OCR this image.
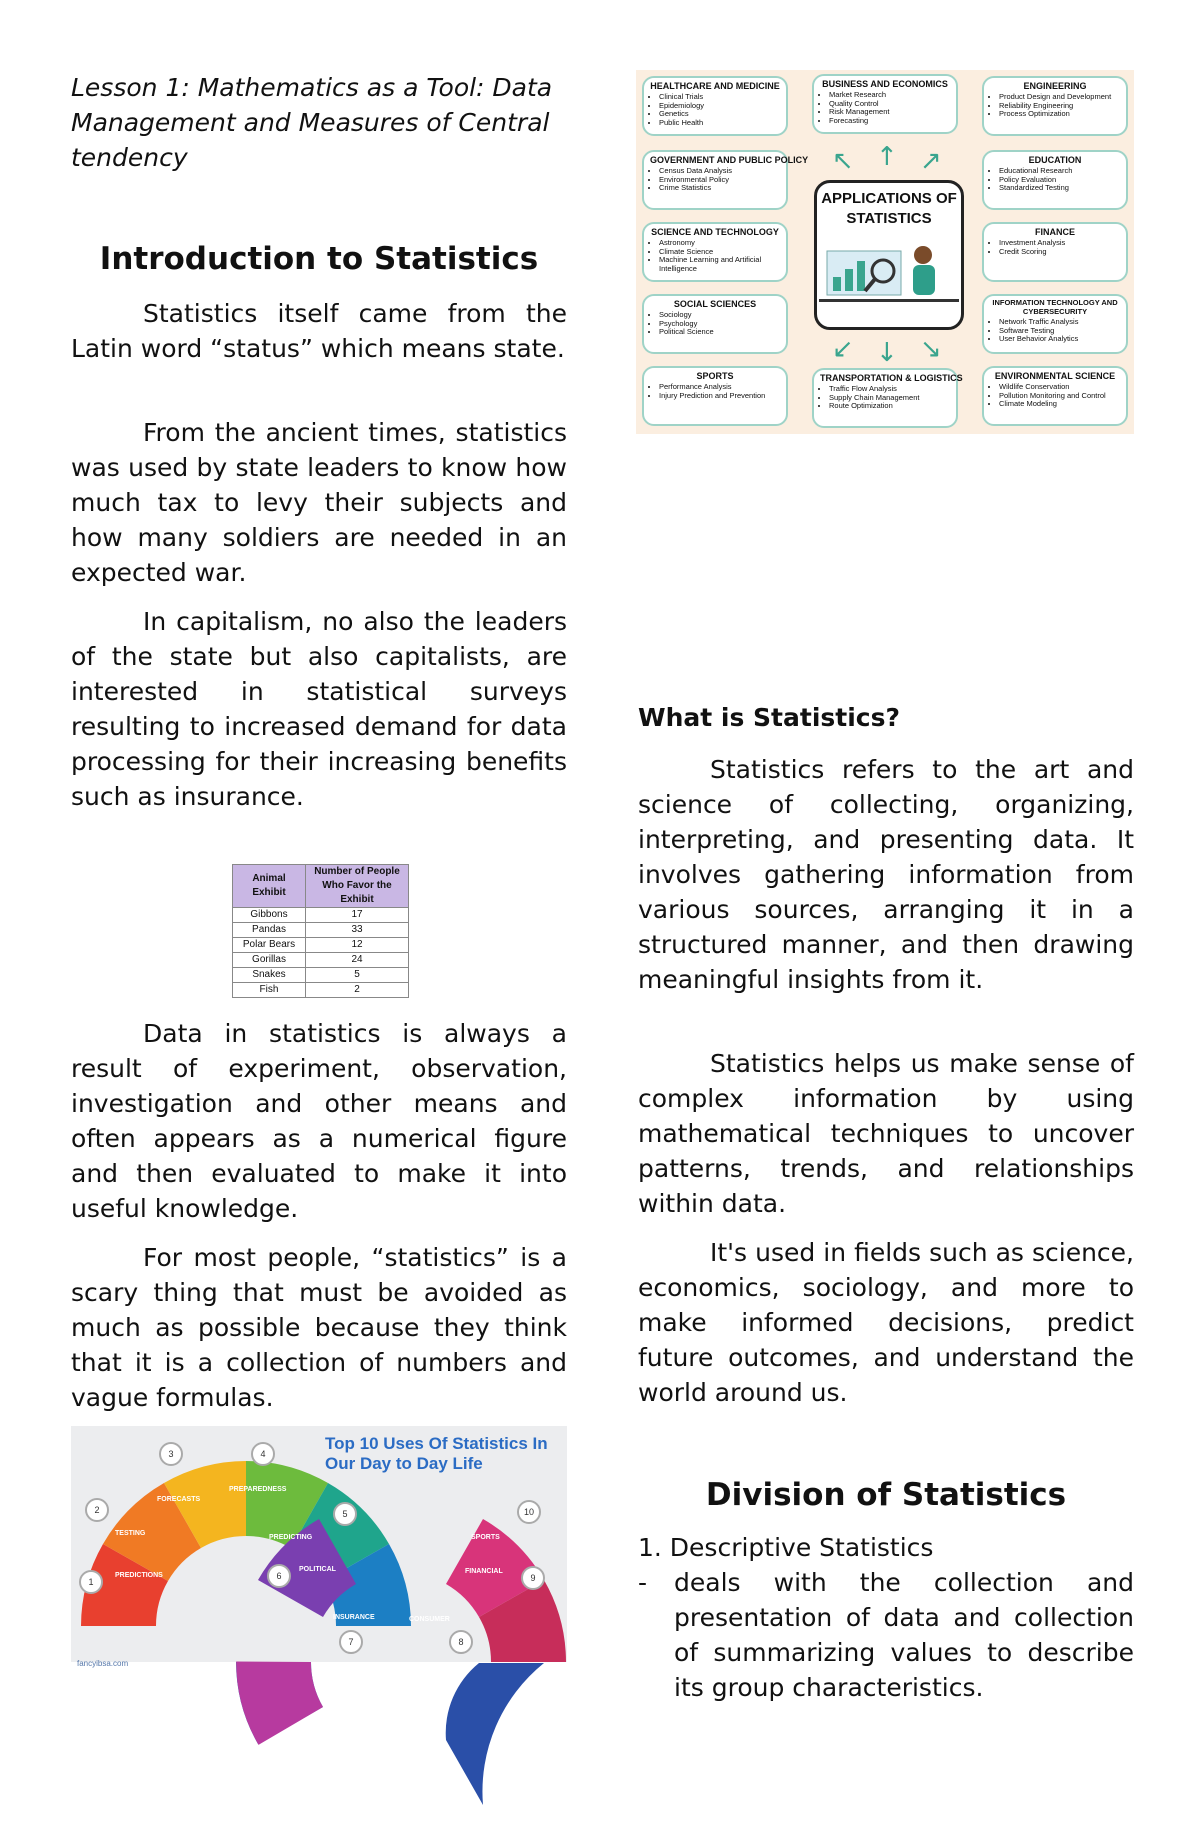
Lesson 1: Mathematics as a Tool: Data Management and Measures of Central tendency
Introduction to Statistics

Statistics itself came from the Latin word “status” which means state.

From the ancient times, statistics was used by state leaders to know how much tax to levy their subjects and how many soldiers are needed in an expected war.

In capitalism, no also the leaders of the state but also capitalists, are interested in statistical surveys resulting to increased demand for data processing for their increasing benefits such as insurance.

Animal Exhibit	Number of People Who Favor the Exhibit
Gibbons	17
Pandas	33
Polar Bears	12
Gorillas	24
Snakes	5
Fish	2

Data in statistics is always a result of experiment, observation, investigation and other means and often appears as a numerical figure and then evaluated to make it into useful knowledge.

For most people, “statistics” is a scary thing that must be avoided as much as possible because they think that it is a collection of numbers and vague formulas.

Top 10 Uses Of Statistics In Our Day to Day Life
PREDICTIONS
TESTING
FORECASTS
PREPAREDNESS
PREDICTING
POLITICAL
INSURANCE	CONSUMER
FINANCIAL
SPORTS
1
2
3	4
5
6
7	8
9
10
fancyibsa.com
HEALTHCARE AND MEDICINE
• Clinical Trials
• Epidemiology
• Genetics
• Public Health
BUSINESS AND ECONOMICS
• Market Research
• Quality Control
• Risk Management
• Forecasting
ENGINEERING
• Product Design and Development
• Reliability Engineering
• Process Optimization
GOVERNMENT AND PUBLIC POLICY
• Census Data Analysis
• Environmental Policy
• Crime Statistics
EDUCATION
• Educational Research
• Policy Evaluation
• Standardized Testing
SCIENCE AND TECHNOLOGY
• Astronomy
• Climate Science
• Machine Learning and Artificial Intelligence
FINANCE
• Investment Analysis
• Credit Scoring
SOCIAL SCIENCES
• Sociology
• Psychology
• Political Science
INFORMATION TECHNOLOGY AND CYBERSECURITY
• Network Traffic Analysis
• Software Testing
• User Behavior Analytics
SPORTS
• Performance Analysis
• Injury Prediction and Prevention
TRANSPORTATION & LOGISTICS
• Traffic Flow Analysis
• Supply Chain Management
• Route Optimization
ENVIRONMENTAL SCIENCE
• Wildlife Conservation
• Pollution Monitoring and Control
• Climate Modeling
↖ ↑ ↗
↙ ↓ ↘
APPLICATIONS OF STATISTICS
What is Statistics?

Statistics refers to the art and science of collecting, organizing, interpreting, and presenting data. It involves gathering information from various sources, arranging it in a structured manner, and then drawing meaningful insights from it.

Statistics helps us make sense of complex information by using mathematical techniques to uncover patterns, trends, and relationships within data.

It's used in fields such as science, economics, sociology, and more to make informed decisions, predict future outcomes, and understand the world around us.

Division of Statistics
1. Descriptive Statistics
-	deals with the collection and presentation of data and collection of summarizing values to describe its group characteristics.
